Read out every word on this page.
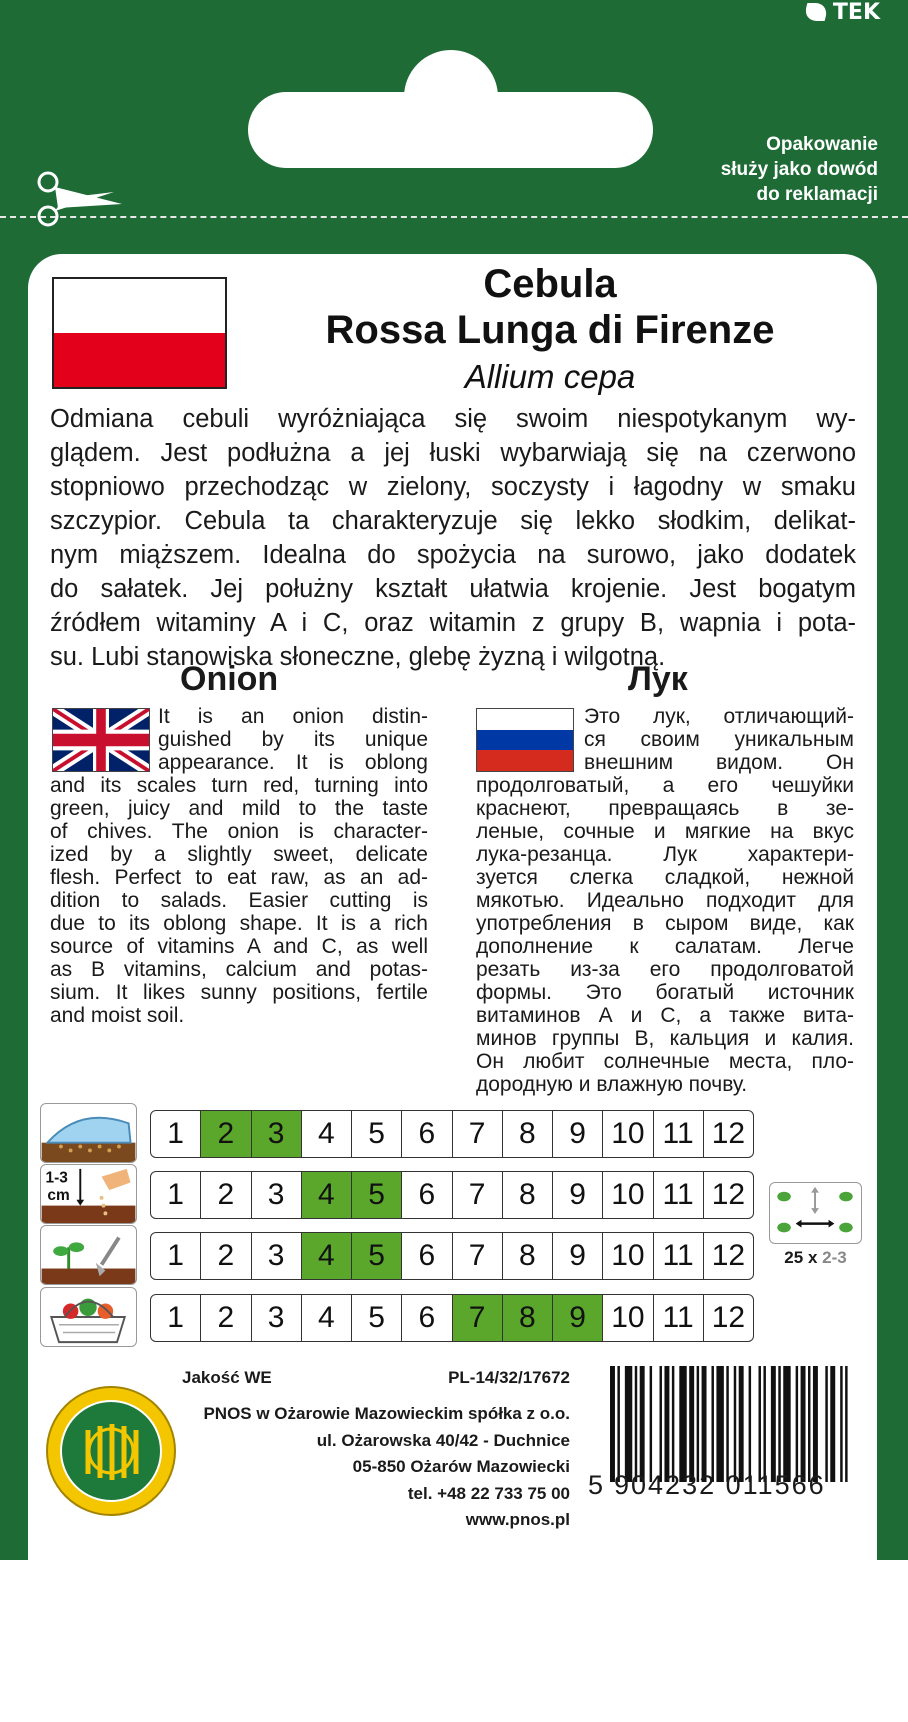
TEK
Opakowanie
służy jako dowód
do reklamacji
Cebula
Rossa Lunga di Firenze
Allium cepa
Odmiana cebuli wyróżniająca się swoim niespotykanym wy-
glądem. Jest podłużna a jej łuski wybarwiają się na czerwono
stopniowo przechodząc w zielony, soczysty i łagodny w smaku
szczypior. Cebula ta charakteryzuje się lekko słodkim, delikat-
nym miąższem. Idealna do spożycia na surowo, jako dodatek
do sałatek. Jej połużny kształt ułatwia krojenie. Jest bogatym
źródłem witaminy A i C, oraz witamin z grupy B, wapnia i pota-
su. Lubi stanowiska słoneczne, glebę żyzną i wilgotną.
Onion	Лук
It is an onion distin-
guished by its unique
appearance. It is oblong
and its scales turn red, turning into
green, juicy and mild to the taste
of chives. The onion is character-
ized by a slightly sweet, delicate
flesh. Perfect to eat raw, as an ad-
dition to salads. Easier cutting is
due to its oblong shape. It is a rich
source of vitamins A and C, as well
as B vitamins, calcium and potas-
sium. It likes sunny positions, fertile
and moist soil.
Это лук, отличающий-
ся своим уникальным
внешним видом. Он
продолговатый, а его чешуйки
краснеют, превращаясь в зе-
леные, сочные и мягкие на вкус
лука-резанца. Лук характери-
зуется слегка сладкой, нежной
мякотью. Идеально подходит для
употребления в сыром виде, как
дополнение к салатам. Легче
резать из-за его продолговатой
формы. Это богатый источник
витаминов А и С, а также вита-
минов группы В, кальция и калия.
Он любит солнечные места, пло-
дородную и влажную почву.
1-3
cm
1	2	3	4	5	6	7	8	9 10 11 12
1	2	3	4	5	6	7	8	9 10 11 12
1	2	3	4	5	6	7	8	9 10 11 12
1	2	3	4	5	6	7	8	9 10 11 12
25 x 2-3
Jakość WE	PL-14/32/17672
PNOS w Ożarowie Mazowieckim spółka z o.o.
ul. Ożarowska 40/42 - Duchnice
05-850 Ożarów Mazowiecki
tel. +48 22 733 75 00
www.pnos.pl
5 904232 011566
